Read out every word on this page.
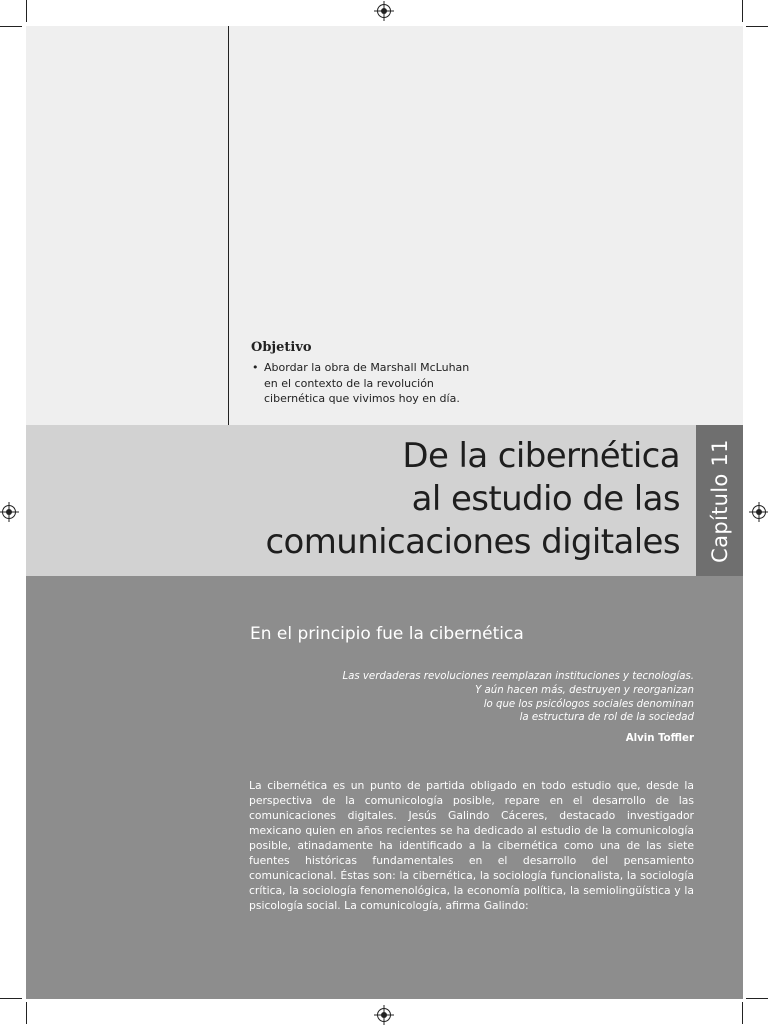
Objetivo
• Abordar la obra de Marshall McLuhan en el contexto de la revolución cibernética que vivimos hoy en día.
De la cibernética
al estudio de las
comunicaciones digitales Capítulo 11
En el principio fue la cibernética
Las verdaderas revoluciones reemplazan instituciones y tecnologías.
Y aún hacen más, destruyen y reorganizan
lo que los psicólogos sociales denominan
la estructura de rol de la sociedad
Alvin Toffler

La cibernética es un punto de partida obligado en todo estudio que, desde la perspectiva de la comunicología posible, repare en el desarrollo de las comunicaciones digitales. Jesús Galindo Cáceres, destacado investigador mexicano quien en años recientes se ha dedicado al estudio de la comunicología posible, atinadamente ha identificado a la cibernética como una de las siete fuentes históricas fundamentales en el desarrollo del pensamiento comunicacional. Éstas son: la cibernética, la sociología funcionalista, la sociología crítica, la sociología fenomenológica, la economía política, la semiolingüística y la psicología social. La comunicología, afirma Galindo:
